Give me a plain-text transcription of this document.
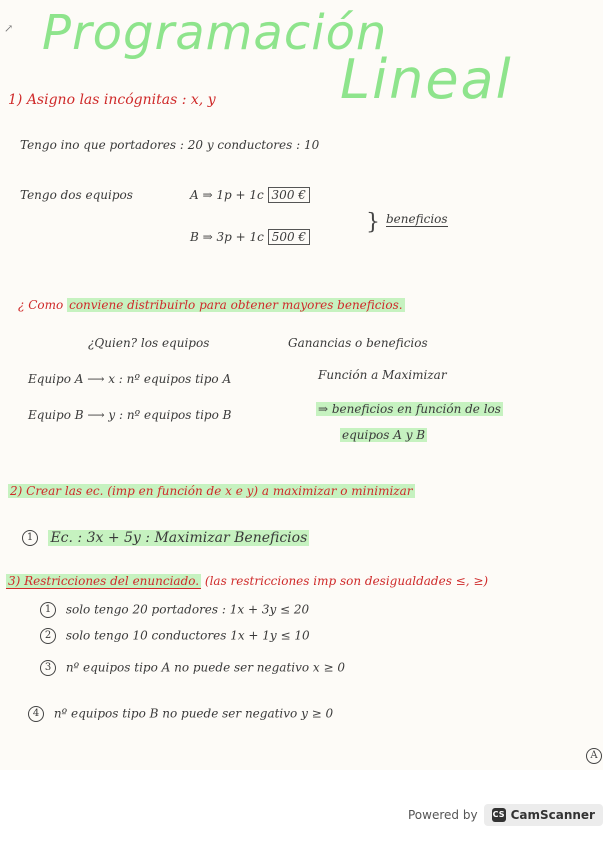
↗ Programación
Lineal
1) Asigno las incógnitas : x, y
Tengo ino que portadores : 20 y conductores : 10
Tengo dos equipos	A ⇒ 1p + 1c 300 €
B ⇒ 3p + 1c 500 €
} beneficios
¿ Como conviene distribuirlo para obtener mayores beneficios.
¿Quien? los equipos	Ganancias o beneficios
Equipo A ⟶ x : nº equipos tipo A	Función a Maximizar
Equipo B ⟶ y : nº equipos tipo B	⇒ beneficios en función de los
equipos A y B
2) Crear las ec. (imp en función de x e y) a maximizar o minimizar
1 Ec. : 3x + 5y : Maximizar Beneficios
3) Restricciones del enunciado. (las restricciones imp son desigualdades ≤, ≥)
1 solo tengo 20 portadores : 1x + 3y ≤ 20
2 solo tengo 10 conductores 1x + 1y ≤ 10
3 nº equipos tipo A no puede ser negativo x ≥ 0
4 nº equipos tipo B no puede ser negativo y ≥ 0
A
Powered by CS CamScanner
